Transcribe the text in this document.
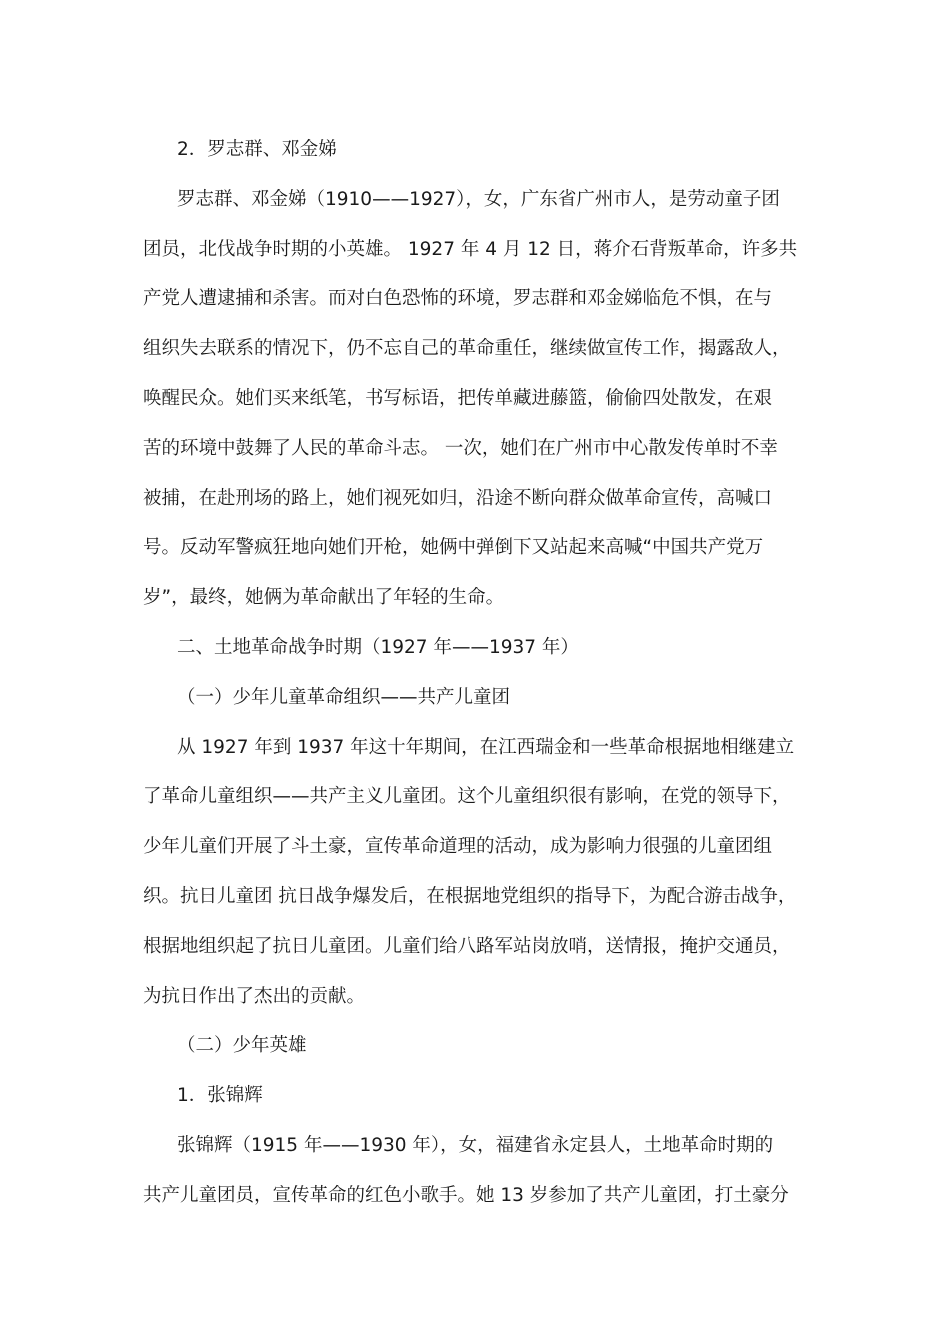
2．罗志群、邓金娣
罗志群、邓金娣（1910——1927），女，广东省广州市人，是劳动童子团
团员，北伐战争时期的小英雄。 1927 年 4 月 12 日，蒋介石背叛革命，许多共
产党人遭逮捕和杀害。而对白色恐怖的环境，罗志群和邓金娣临危不惧，在与
组织失去联系的情况下，仍不忘自己的革命重任，继续做宣传工作，揭露敌人，
唤醒民众。她们买来纸笔，书写标语，把传单藏进藤篮，偷偷四处散发，在艰
苦的环境中鼓舞了人民的革命斗志。 一次，她们在广州市中心散发传单时不幸
被捕，在赴刑场的路上，她们视死如归，沿途不断向群众做革命宣传，高喊口
号。反动军警疯狂地向她们开枪，她俩中弹倒下又站起来高喊“中国共产党万
岁”，最终，她俩为革命献出了年轻的生命。
二、土地革命战争时期（1927 年——1937 年）
（一）少年儿童革命组织——共产儿童团
从 1927 年到 1937 年这十年期间，在江西瑞金和一些革命根据地相继建立
了革命儿童组织——共产主义儿童团。这个儿童组织很有影响，在党的领导下，
少年儿童们开展了斗土豪，宣传革命道理的活动，成为影响力很强的儿童团组
织。抗日儿童团 抗日战争爆发后，在根据地党组织的指导下，为配合游击战争，
根据地组织起了抗日儿童团。儿童们给八路军站岗放哨，送情报，掩护交通员，
为抗日作出了杰出的贡献。
（二）少年英雄
1．张锦辉
张锦辉（1915 年——1930 年），女，福建省永定县人，土地革命时期的
共产儿童团员，宣传革命的红色小歌手。她 13 岁参加了共产儿童团，打土豪分
